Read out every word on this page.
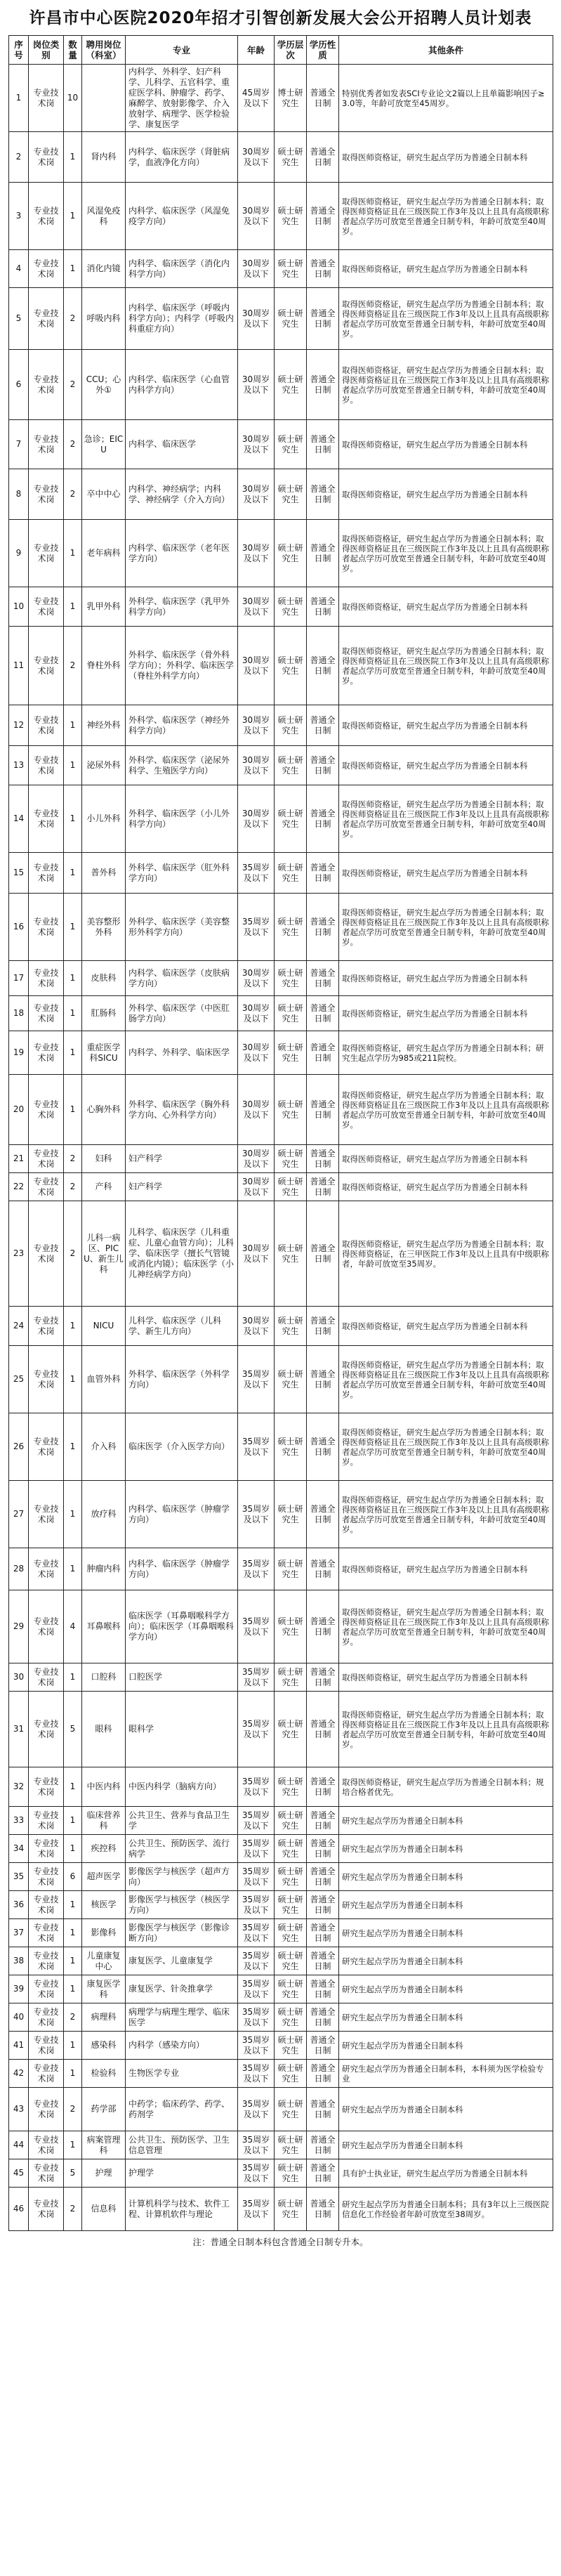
许昌市中心医院2020年招才引智创新发展大会公开招聘人员计划表
序号	岗位类别	数量	聘用岗位（科室）	专业	年龄	学历层次	学历性质	其他条件
1	专业技术岗	10		内科学、外科学、妇产科学、儿科学、五官科学、重症医学科、肿瘤学、药学、麻醉学、放射影像学、介入放射学、病理学、医学检验学、康复医学	45周岁及以下	博士研究生	普通全日制	特别优秀者如发表SCI专业论文2篇以上且单篇影响因子≥3.0等，年龄可放宽至45周岁。
2	专业技术岗	1	肾内科	内科学、临床医学（肾脏病学，血液净化方向）	30周岁及以下	硕士研究生	普通全日制	取得医师资格证，研究生起点学历为普通全日制本科
3	专业技术岗	1	风湿免疫科	内科学、临床医学（风湿免疫学方向）	30周岁及以下	硕士研究生	普通全日制	取得医师资格证，研究生起点学历为普通全日制本科；取得医师资格证且在三级医院工作3年及以上且具有高级职称者起点学历可放宽至普通全日制专科，年龄可放宽至40周岁。
4	专业技术岗	1	消化内镜	内科学、临床医学（消化内科学方向）	30周岁及以下	硕士研究生	普通全日制	取得医师资格证，研究生起点学历为普通全日制本科
5	专业技术岗	2	呼吸内科	内科学、临床医学（呼吸内科学方向）；内科学（呼吸内科重症方向）	30周岁及以下	硕士研究生	普通全日制	取得医师资格证，研究生起点学历为普通全日制本科；取得医师资格证且在三级医院工作3年及以上且具有高级职称者起点学历可放宽至普通全日制专科，年龄可放宽至40周岁。
6	专业技术岗	2	CCU；心外①	内科学、临床医学（心血管内科学方向）	30周岁及以下	硕士研究生	普通全日制	取得医师资格证，研究生起点学历为普通全日制本科；取得医师资格证且在三级医院工作3年及以上且具有高级职称者起点学历可放宽至普通全日制专科，年龄可放宽至40周岁。
7	专业技术岗	2	急诊；EICU	内科学、临床医学	30周岁及以下	硕士研究生	普通全日制	取得医师资格证，研究生起点学历为普通全日制本科
8	专业技术岗	2	卒中中心	内科学、神经病学；内科学、神经病学（介入方向）	30周岁及以下	硕士研究生	普通全日制	取得医师资格证，研究生起点学历为普通全日制本科
9	专业技术岗	1	老年病科	内科学、临床医学（老年医学方向）	30周岁及以下	硕士研究生	普通全日制	取得医师资格证，研究生起点学历为普通全日制本科；取得医师资格证且在三级医院工作3年及以上且具有高级职称者起点学历可放宽至普通全日制专科，年龄可放宽至40周岁。
10	专业技术岗	1	乳甲外科	外科学、临床医学（乳甲外科学方向）	30周岁及以下	硕士研究生	普通全日制	取得医师资格证，研究生起点学历为普通全日制本科
11	专业技术岗	2	脊柱外科	外科学、临床医学（骨外科学方向）；外科学、临床医学（脊柱外科学方向）	30周岁及以下	硕士研究生	普通全日制	取得医师资格证，研究生起点学历为普通全日制本科；取得医师资格证且在三级医院工作3年及以上且具有高级职称者起点学历可放宽至普通全日制专科，年龄可放宽至40周岁。
12	专业技术岗	1	神经外科	外科学、临床医学（神经外科学方向）	30周岁及以下	硕士研究生	普通全日制	取得医师资格证，研究生起点学历为普通全日制本科
13	专业技术岗	1	泌尿外科	外科学、临床医学（泌尿外科学、生殖医学方向）	30周岁及以下	硕士研究生	普通全日制	取得医师资格证，研究生起点学历为普通全日制本科
14	专业技术岗	1	小儿外科	外科学、临床医学（小儿外科学方向）	30周岁及以下	硕士研究生	普通全日制	取得医师资格证，研究生起点学历为普通全日制本科；取得医师资格证且在三级医院工作3年及以上且具有高级职称者起点学历可放宽至普通全日制专科，年龄可放宽至40周岁。
15	专业技术岗	1	普外科	外科学、临床医学（肛外科学方向）	35周岁及以下	硕士研究生	普通全日制	取得医师资格证，研究生起点学历为普通全日制本科
16	专业技术岗	1	美容整形外科	外科学、临床医学（美容整形外科学方向）	35周岁及以下	硕士研究生	普通全日制	取得医师资格证，研究生起点学历为普通全日制本科；取得医师资格证且在三级医院工作3年及以上且具有高级职称者起点学历可放宽至普通全日制专科，年龄可放宽至40周岁。
17	专业技术岗	1	皮肤科	内科学、临床医学（皮肤病学方向）	30周岁及以下	硕士研究生	普通全日制	取得医师资格证，研究生起点学历为普通全日制本科
18	专业技术岗	1	肛肠科	外科学、临床医学（中医肛肠学方向）	30周岁及以下	硕士研究生	普通全日制	取得医师资格证，研究生起点学历为普通全日制本科
19	专业技术岗	1	重症医学科SICU	内科学、外科学、临床医学	30周岁及以下	硕士研究生	普通全日制	取得医师资格证，研究生起点学历为普通全日制本科；研究生起点学历为985或211院校。
20	专业技术岗	1	心胸外科	外科学、临床医学（胸外科学方向、心外科学方向）	30周岁及以下	硕士研究生	普通全日制	取得医师资格证，研究生起点学历为普通全日制本科；取得医师资格证且在三级医院工作3年及以上且具有高级职称者起点学历可放宽至普通全日制专科，年龄可放宽至40周岁。
21	专业技术岗	2	妇科	妇产科学	30周岁及以下	硕士研究生	普通全日制	取得医师资格证，研究生起点学历为普通全日制本科
22	专业技术岗	2	产科	妇产科学	30周岁及以下	硕士研究生	普通全日制	取得医师资格证，研究生起点学历为普通全日制本科
23	专业技术岗	2	儿科一病区、PICU、新生儿科	儿科学、临床医学（儿科重症、儿童心血管方向）；儿科学、临床医学（擅长气管镜或消化内镜）；临床医学（小儿神经病学方向）	30周岁及以下	硕士研究生	普通全日制	取得医师资格证，研究生起点学历为普通全日制本科；取得医师资格证，在三甲医院工作3年及以上且具有中级职称者，年龄可放宽至35周岁。
24	专业技术岗	1	NICU	儿科学、临床医学（儿科学、新生儿方向）	30周岁及以下	硕士研究生	普通全日制	取得医师资格证，研究生起点学历为普通全日制本科
25	专业技术岗	1	血管外科	外科学、临床医学（外科学方向）	35周岁及以下	硕士研究生	普通全日制	取得医师资格证，研究生起点学历为普通全日制本科；取得医师资格证且在三级医院工作3年及以上且具有高级职称者起点学历可放宽至普通全日制专科，年龄可放宽至40周岁。
26	专业技术岗	1	介入科	临床医学（介入医学方向）	35周岁及以下	硕士研究生	普通全日制	取得医师资格证，研究生起点学历为普通全日制本科；取得医师资格证且在三级医院工作3年及以上且具有高级职称者起点学历可放宽至普通全日制专科，年龄可放宽至40周岁。
27	专业技术岗	1	放疗科	内科学、临床医学（肿瘤学方向）	35周岁及以下	硕士研究生	普通全日制	取得医师资格证，研究生起点学历为普通全日制本科；取得医师资格证且在三级医院工作3年及以上且具有高级职称者起点学历可放宽至普通全日制专科，年龄可放宽至40周岁。
28	专业技术岗	1	肿瘤内科	内科学、临床医学（肿瘤学方向）	35周岁及以下	硕士研究生	普通全日制	取得医师资格证，研究生起点学历为普通全日制本科
29	专业技术岗	4	耳鼻喉科	临床医学（耳鼻咽喉科学方向）；临床医学（耳鼻咽喉科学方向）	35周岁及以下	硕士研究生	普通全日制	取得医师资格证，研究生起点学历为普通全日制本科；取得医师资格证且在三级医院工作3年及以上且具有高级职称者起点学历可放宽至普通全日制专科，年龄可放宽至40周岁。
30	专业技术岗	1	口腔科	口腔医学	35周岁及以下	硕士研究生	普通全日制	取得医师资格证，研究生起点学历为普通全日制本科
31	专业技术岗	5	眼科	眼科学	35周岁及以下	硕士研究生	普通全日制	取得医师资格证，研究生起点学历为普通全日制本科；取得医师资格证且在三级医院工作3年及以上且具有高级职称者起点学历可放宽至普通全日制专科，年龄可放宽至40周岁。
32	专业技术岗	1	中医内科	中医内科学（脑病方向）	35周岁及以下	硕士研究生	普通全日制	取得医师资格证，研究生起点学历为普通全日制本科；规培合格者优先。
33	专业技术岗	1	临床营养科	公共卫生、营养与食品卫生学	35周岁及以下	硕士研究生	普通全日制	研究生起点学历为普通全日制本科
34	专业技术岗	1	疾控科	公共卫生、预防医学、流行病学	35周岁及以下	硕士研究生	普通全日制	研究生起点学历为普通全日制本科
35	专业技术岗	6	超声医学	影像医学与核医学（超声方向）	35周岁及以下	硕士研究生	普通全日制	研究生起点学历为普通全日制本科
36	专业技术岗	1	核医学	影像医学与核医学（核医学方向）	35周岁及以下	硕士研究生	普通全日制	研究生起点学历为普通全日制本科
37	专业技术岗	1	影像科	影像医学与核医学（影像诊断方向）	35周岁及以下	硕士研究生	普通全日制	研究生起点学历为普通全日制本科
38	专业技术岗	1	儿童康复中心	康复医学、儿童康复学	35周岁及以下	硕士研究生	普通全日制	研究生起点学历为普通全日制本科
39	专业技术岗	1	康复医学科	康复医学、针灸推拿学	35周岁及以下	硕士研究生	普通全日制	研究生起点学历为普通全日制本科
40	专业技术岗	2	病理科	病理学与病理生理学、临床医学	35周岁及以下	硕士研究生	普通全日制	研究生起点学历为普通全日制本科
41	专业技术岗	1	感染科	内科学（感染方向）	35周岁及以下	硕士研究生	普通全日制	研究生起点学历为普通全日制本科
42	专业技术岗	1	检验科	生物医学专业	35周岁及以下	硕士研究生	普通全日制	研究生起点学历为普通全日制本科，本科须为医学检验专业
43	专业技术岗	2	药学部	中药学；临床药学、药学、药剂学	35周岁及以下	硕士研究生	普通全日制	研究生起点学历为普通全日制本科
44	专业技术岗	1	病案管理科	公共卫生、预防医学、卫生信息管理	35周岁及以下	硕士研究生	普通全日制	研究生起点学历为普通全日制本科
45	专业技术岗	5	护理	护理学	35周岁及以下	硕士研究生	普通全日制	具有护士执业证，研究生起点学历为普通全日制本科
46	专业技术岗	2	信息科	计算机科学与技术、软件工程、计算机软件与理论	35周岁及以下	硕士研究生	普通全日制	研究生起点学历为普通全日制本科；具有3年以上三级医院信息化工作经验者年龄可放宽至38周岁。
注：普通全日制本科包含普通全日制专升本。
